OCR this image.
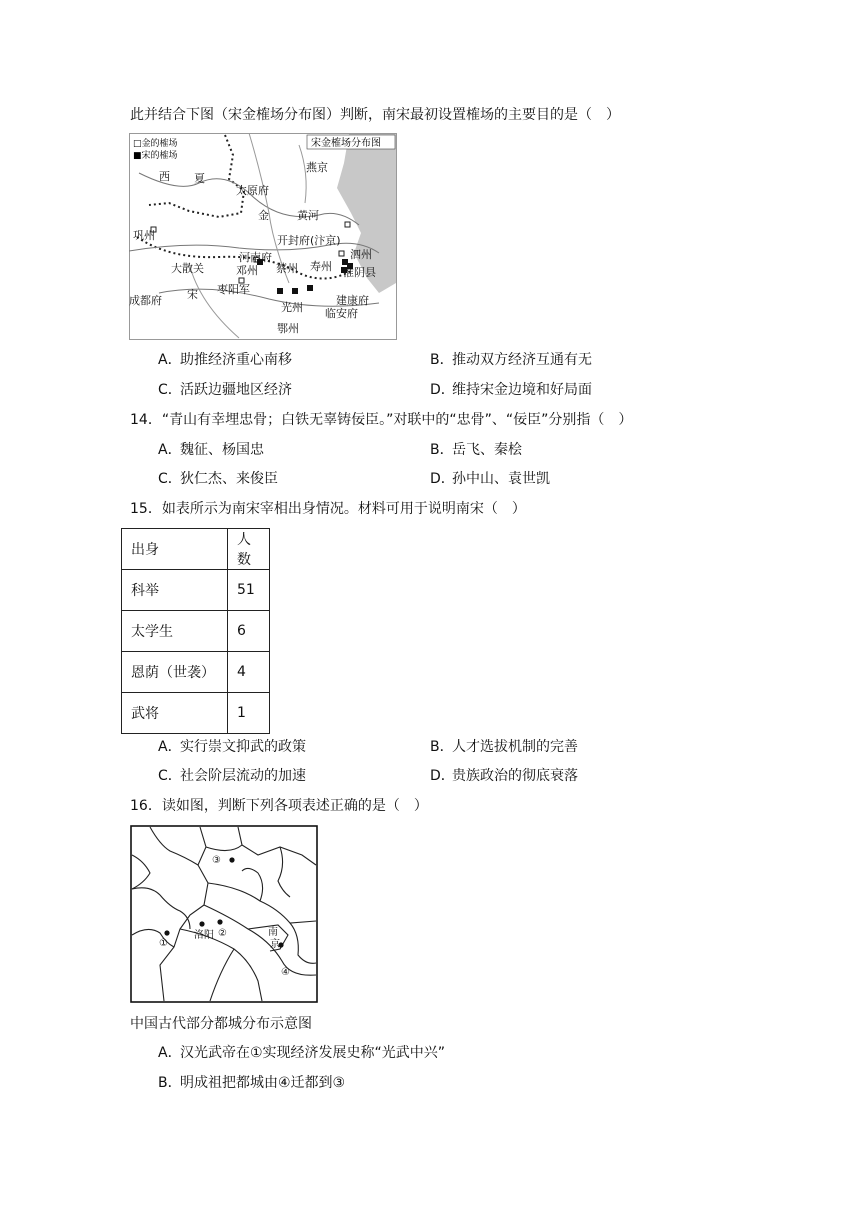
此并结合下图（宋金榷场分布图）判断，南宋最初设置榷场的主要目的是（　）
□金的榷场
■宋的榷场
宋金榷场分布图
西 夏
燕京
太原府
金	黄河
巩州	开封府(汴京)
河南府	泗州
大散关	邓州 蔡州 寿州 淮阴县
宋 枣阳军
成都府
光州
建康府
鄂州
临安府
A．助推经济重心南移	B．推动双方经济互通有无
C．活跃边疆地区经济	D．维持宋金边境和好局面
14．“青山有幸埋忠骨；白铁无辜铸佞臣。”对联中的“忠骨”、“佞臣”分别指（　）
A．魏征、杨国忠	B．岳飞、秦桧
C．狄仁杰、来俊臣	D．孙中山、袁世凯
15．如表所示为南宋宰相出身情况。材料可用于说明南宋（　）
出身	人数
科举	51
太学生	6
恩荫（世袭）	4
武将	1
A．实行崇文抑武的政策	B．人才选拔机制的完善
C．社会阶层流动的加速	D．贵族政治的彻底衰落
16．读如图，判断下列各项表述正确的是（　）
③
洛阳 ②
①
南
京
④
中国古代部分都城分布示意图
A．汉光武帝在①实现经济发展史称“光武中兴”
B．明成祖把都城由④迁都到③
